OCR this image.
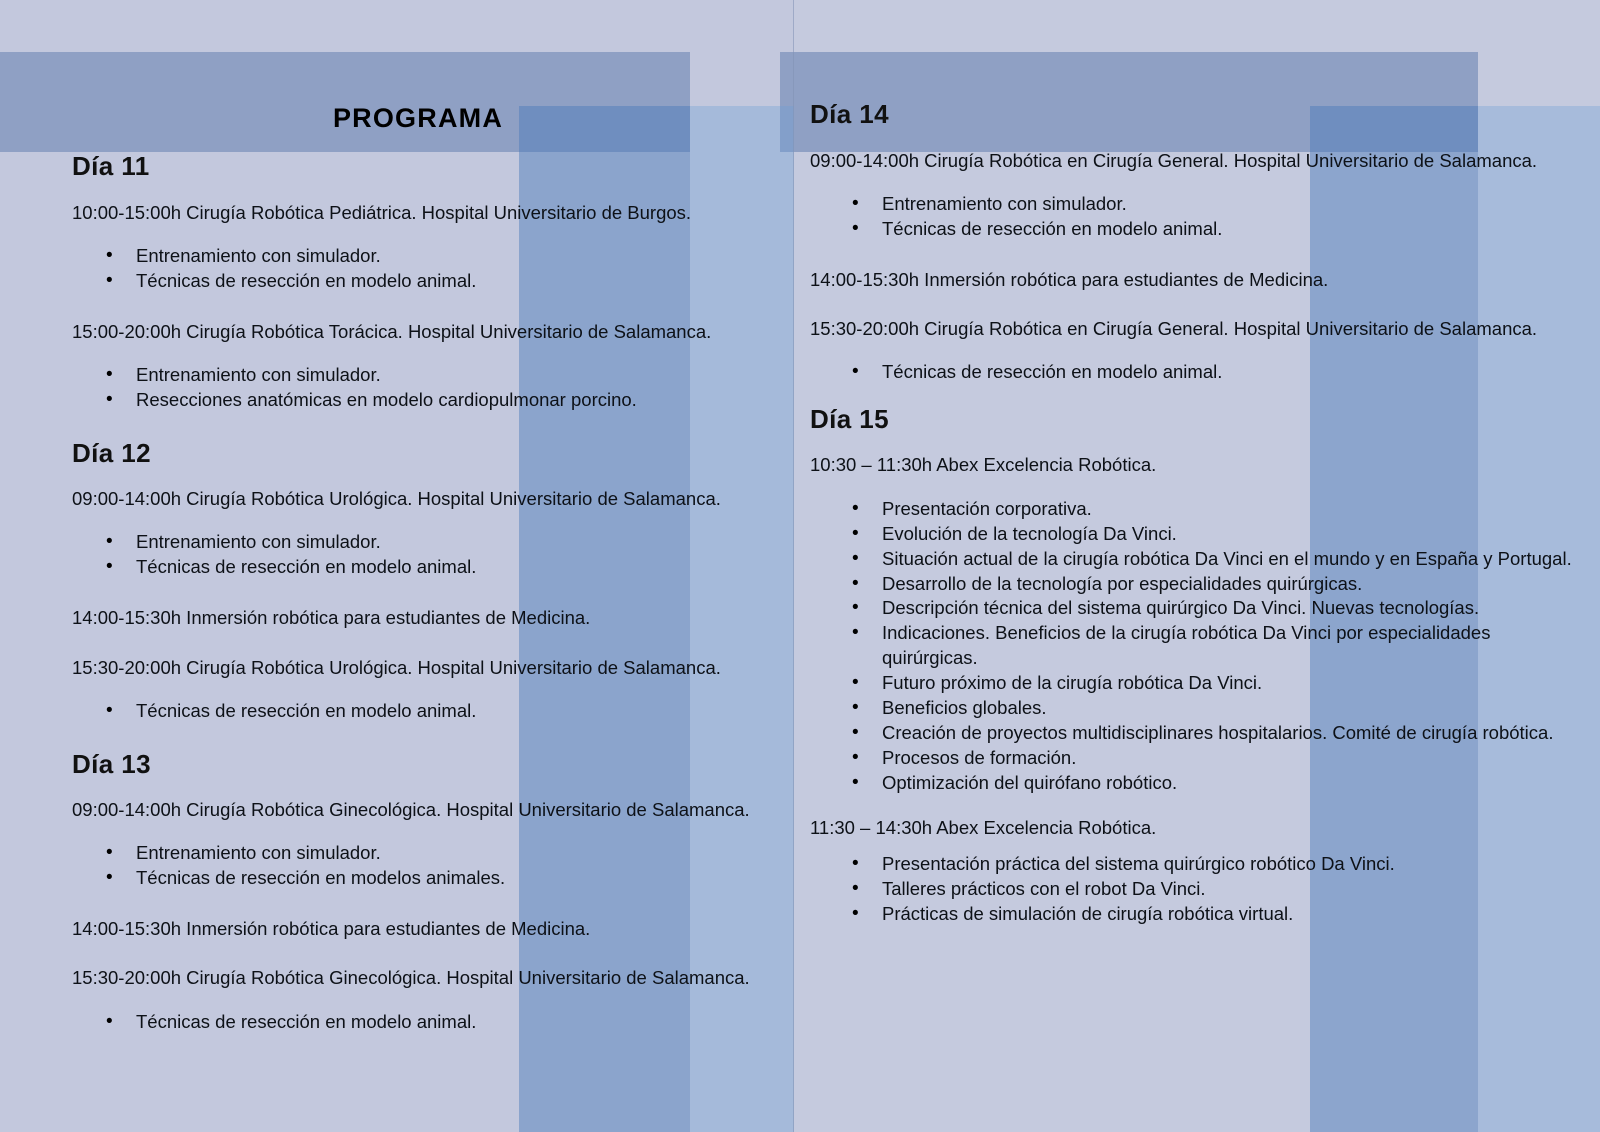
PROGRAMA
Día 11

10:00-15:00h Cirugía Robótica Pediátrica. Hospital Universitario de Burgos.

• Entrenamiento con simulador.
• Técnicas de resección en modelo animal.

15:00-20:00h Cirugía Robótica Torácica. Hospital Universitario de Salamanca.

• Entrenamiento con simulador.
• Resecciones anatómicas en modelo cardiopulmonar porcino.
Día 12

09:00-14:00h Cirugía Robótica Urológica. Hospital Universitario de Salamanca.

• Entrenamiento con simulador.
• Técnicas de resección en modelo animal.

14:00-15:30h Inmersión robótica para estudiantes de Medicina.

15:30-20:00h Cirugía Robótica Urológica. Hospital Universitario de Salamanca.

• Técnicas de resección en modelo animal.
Día 13

09:00-14:00h Cirugía Robótica Ginecológica. Hospital Universitario de Salamanca.

• Entrenamiento con simulador.
• Técnicas de resección en modelos animales.

14:00-15:30h Inmersión robótica para estudiantes de Medicina.

15:30-20:00h Cirugía Robótica Ginecológica. Hospital Universitario de Salamanca.

• Técnicas de resección en modelo animal.
Día 14

09:00-14:00h Cirugía Robótica en Cirugía General. Hospital Universitario de Salamanca.

• Entrenamiento con simulador.
• Técnicas de resección en modelo animal.

14:00-15:30h Inmersión robótica para estudiantes de Medicina.

15:30-20:00h Cirugía Robótica en Cirugía General. Hospital Universitario de Salamanca.

• Técnicas de resección en modelo animal.
Día 15

10:30 – 11:30h Abex Excelencia Robótica.

• Presentación corporativa.
• Evolución de la tecnología Da Vinci.
• Situación actual de la cirugía robótica Da Vinci en el mundo y en España y Portugal.
• Desarrollo de la tecnología por especialidades quirúrgicas.
• Descripción técnica del sistema quirúrgico Da Vinci. Nuevas tecnologías.
• Indicaciones. Beneficios de la cirugía robótica Da Vinci por especialidades quirúrgicas.
• Futuro próximo de la cirugía robótica Da Vinci.
• Beneficios globales.
• Creación de proyectos multidisciplinares hospitalarios. Comité de cirugía robótica.
• Procesos de formación.
• Optimización del quirófano robótico.

11:30 – 14:30h Abex Excelencia Robótica.

• Presentación práctica del sistema quirúrgico robótico Da Vinci.
• Talleres prácticos con el robot Da Vinci.
• Prácticas de simulación de cirugía robótica virtual.
